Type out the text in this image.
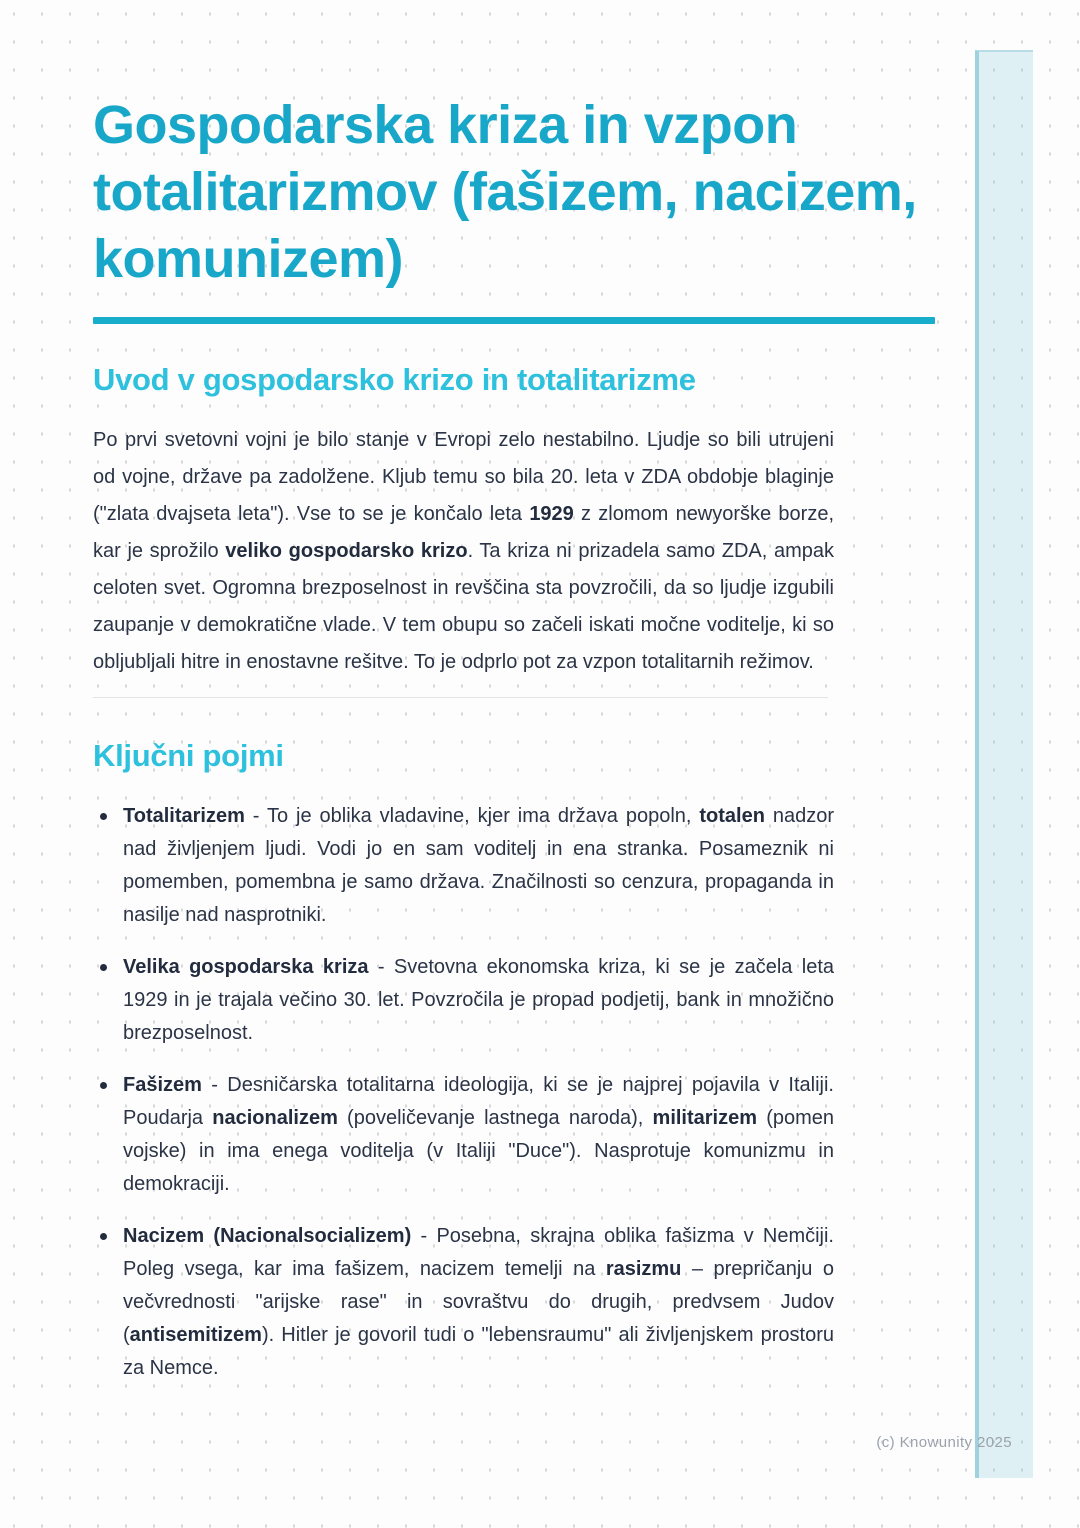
Gospodarska kriza in vzpon totalitarizmov (fašizem, nacizem, komunizem)
Uvod v gospodarsko krizo in totalitarizme

Po prvi svetovni vojni je bilo stanje v Evropi zelo nestabilno. Ljudje so bili utrujeni od vojne, države pa zadolžene. Kljub temu so bila 20. leta v ZDA obdobje blaginje ("zlata dvajseta leta"). Vse to se je končalo leta 1929 z zlomom newyorške borze, kar je sprožilo veliko gospodarsko krizo. Ta kriza ni prizadela samo ZDA, ampak celoten svet. Ogromna brezposelnost in revščina sta povzročili, da so ljudje izgubili zaupanje v demokratične vlade. V tem obupu so začeli iskati močne voditelje, ki so obljubljali hitre in enostavne rešitve. To je odprlo pot za vzpon totalitarnih režimov.

Ključni pojmi
Totalitarizem - To je oblika vladavine, kjer ima država popoln, totalen nadzor nad življenjem ljudi. Vodi jo en sam voditelj in ena stranka. Posameznik ni pomemben, pomembna je samo država. Značilnosti so cenzura, propaganda in nasilje nad nasprotniki.
Velika gospodarska kriza - Svetovna ekonomska kriza, ki se je začela leta 1929 in je trajala večino 30. let. Povzročila je propad podjetij, bank in množično brezposelnost.
Fašizem - Desničarska totalitarna ideologija, ki se je najprej pojavila v Italiji. Poudarja nacionalizem (poveličevanje lastnega naroda), militarizem (pomen vojske) in ima enega voditelja (v Italiji "Duce"). Nasprotuje komunizmu in demokraciji.
Nacizem (Nacionalsocializem) - Posebna, skrajna oblika fašizma v Nemčiji. Poleg vsega, kar ima fašizem, nacizem temelji na rasizmu – prepričanju o večvrednosti "arijske rase" in sovraštvu do drugih, predvsem Judov (antisemitizem). Hitler je govoril tudi o "lebensraumu" ali življenjskem prostoru za Nemce.
(c) Knowunity 2025
